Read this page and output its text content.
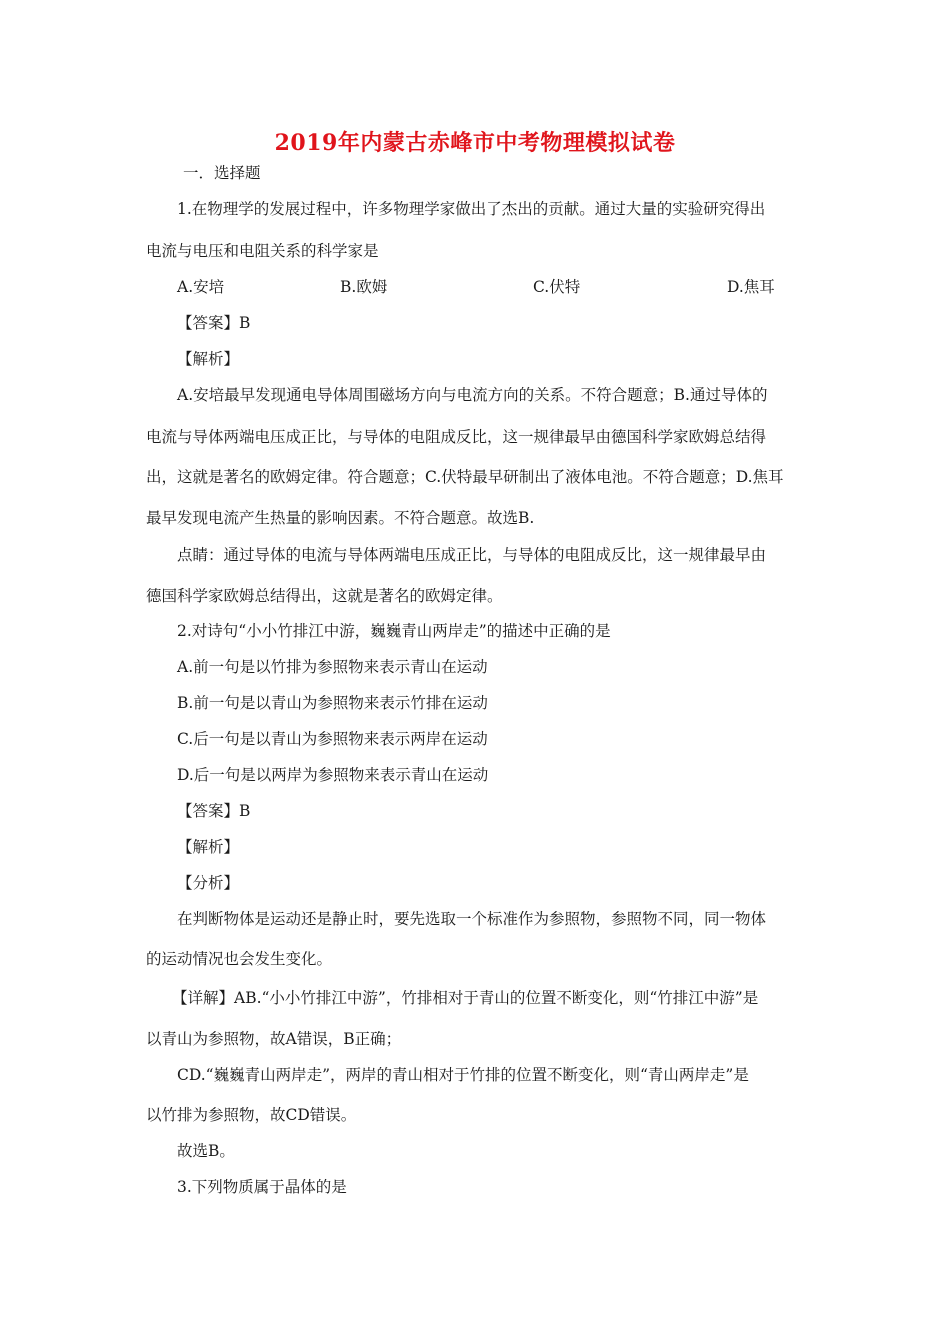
2019年内蒙古赤峰市中考物理模拟试卷
一．选择题
1.在物理学的发展过程中，许多物理学家做出了杰出的贡献。通过大量的实验研究得出
电流与电压和电阻关系的科学家是
A.安培	B.欧姆	C.伏特	D.焦耳
【答案】B
【解析】
A.安培最早发现通电导体周围磁场方向与电流方向的关系。不符合题意；B.通过导体的
电流与导体两端电压成正比，与导体的电阻成反比，这一规律最早由德国科学家欧姆总结得
出，这就是著名的欧姆定律。符合题意；C.伏特最早研制出了液体电池。不符合题意；D.焦耳
最早发现电流产生热量的影响因素。不符合题意。故选B.
点睛：通过导体的电流与导体两端电压成正比，与导体的电阻成反比，这一规律最早由
德国科学家欧姆总结得出，这就是著名的欧姆定律。
2.对诗句“小小竹排江中游，巍巍青山两岸走”的描述中正确的是
A.前一句是以竹排为参照物来表示青山在运动
B.前一句是以青山为参照物来表示竹排在运动
C.后一句是以青山为参照物来表示两岸在运动
D.后一句是以两岸为参照物来表示青山在运动
【答案】B
【解析】
【分析】
在判断物体是运动还是静止时，要先选取一个标准作为参照物，参照物不同，同一物体
的运动情况也会发生变化。
【详解】AB.“小小竹排江中游”，竹排相对于青山的位置不断变化，则“竹排江中游”是
以青山为参照物，故A错误，B正确；
CD.“巍巍青山两岸走”，两岸的青山相对于竹排的位置不断变化，则“青山两岸走”是
以竹排为参照物，故CD错误。
故选B。
3.下列物质属于晶体的是
